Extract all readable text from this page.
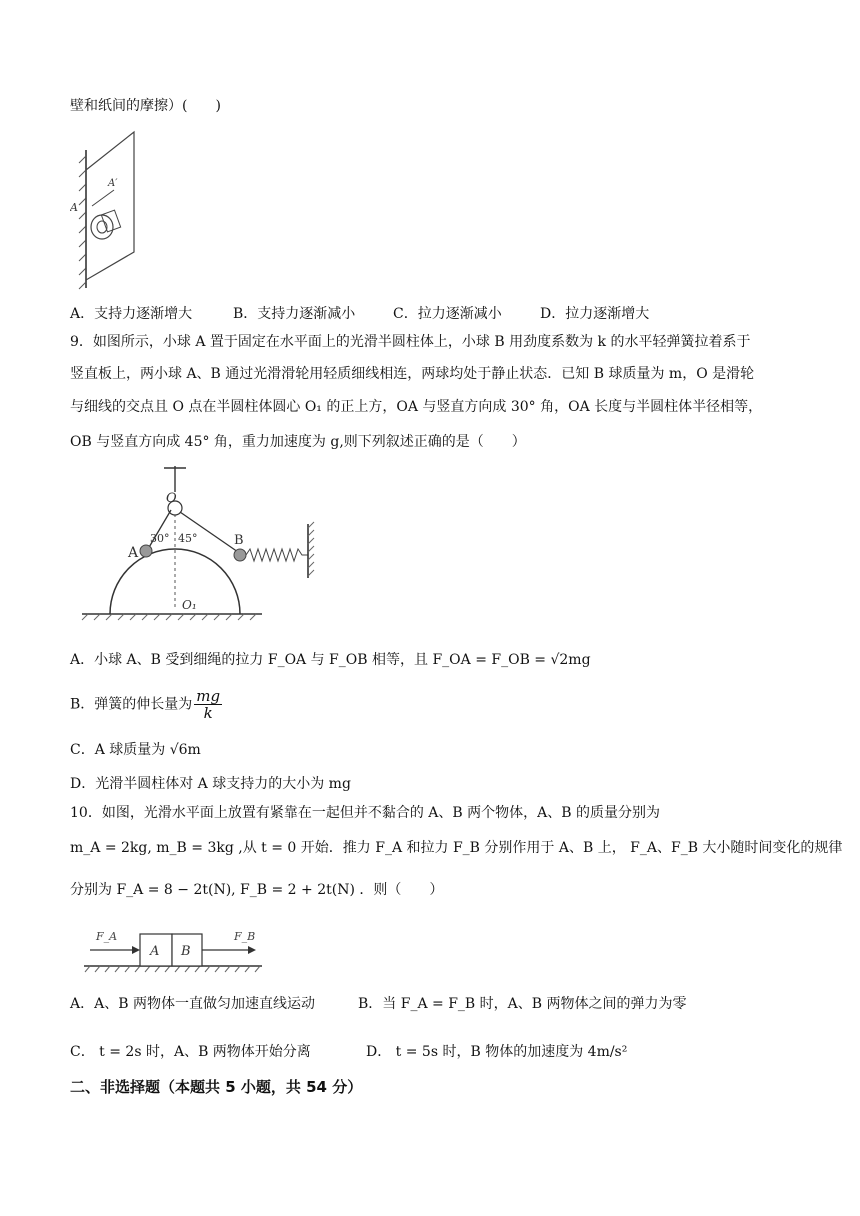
壁和纸间的摩擦）(　　)
A
A′
A．支持力逐渐增大	B．支持力逐渐减小	C．拉力逐渐减小	D．拉力逐渐增大
9．如图所示，小球 A 置于固定在水平面上的光滑半圆柱体上，小球 B 用劲度系数为 k 的水平轻弹簧拉着系于
竖直板上，两小球 A、B 通过光滑滑轮用轻质细线相连，两球均处于静止状态．已知 B 球质量为 m，O 是滑轮
与细线的交点且 O 点在半圆柱体圆心 O₁ 的正上方，OA 与竖直方向成 30° 角，OA 长度与半圆柱体半径相等，
OB 与竖直方向成 45° 角，重力加速度为 g,则下列叙述正确的是（　　）
O
A
B
O₁
30° 45°
A．小球 A、B 受到细绳的拉力 F_OA 与 F_OB 相等，且 F_OA = F_OB = √2mg
B．弹簧的伸长量为 $\frac{mg}{k}$
C．A 球质量为 √6m
D．光滑半圆柱体对 A 球支持力的大小为 mg
10．如图，光滑水平面上放置有紧靠在一起但并不黏合的 A、B 两个物体，A、B 的质量分别为
m_A = 2kg, m_B = 3kg ,从 t = 0 开始．推力 F_A 和拉力 F_B 分别作用于 A、B 上， F_A、F_B 大小随时间变化的规律
分别为 F_A = 8 − 2t(N), F_B = 2 + 2t(N) ．则（　　）
F_A	F_B
A B
A．A、B 两物体一直做匀加速直线运动	B．当 F_A = F_B 时，A、B 两物体之间的弹力为零
C． t = 2s 时，A、B 两物体开始分离	D． t = 5s 时，B 物体的加速度为 4m/s²
二、非选择题（本题共 5 小题，共 54 分）
